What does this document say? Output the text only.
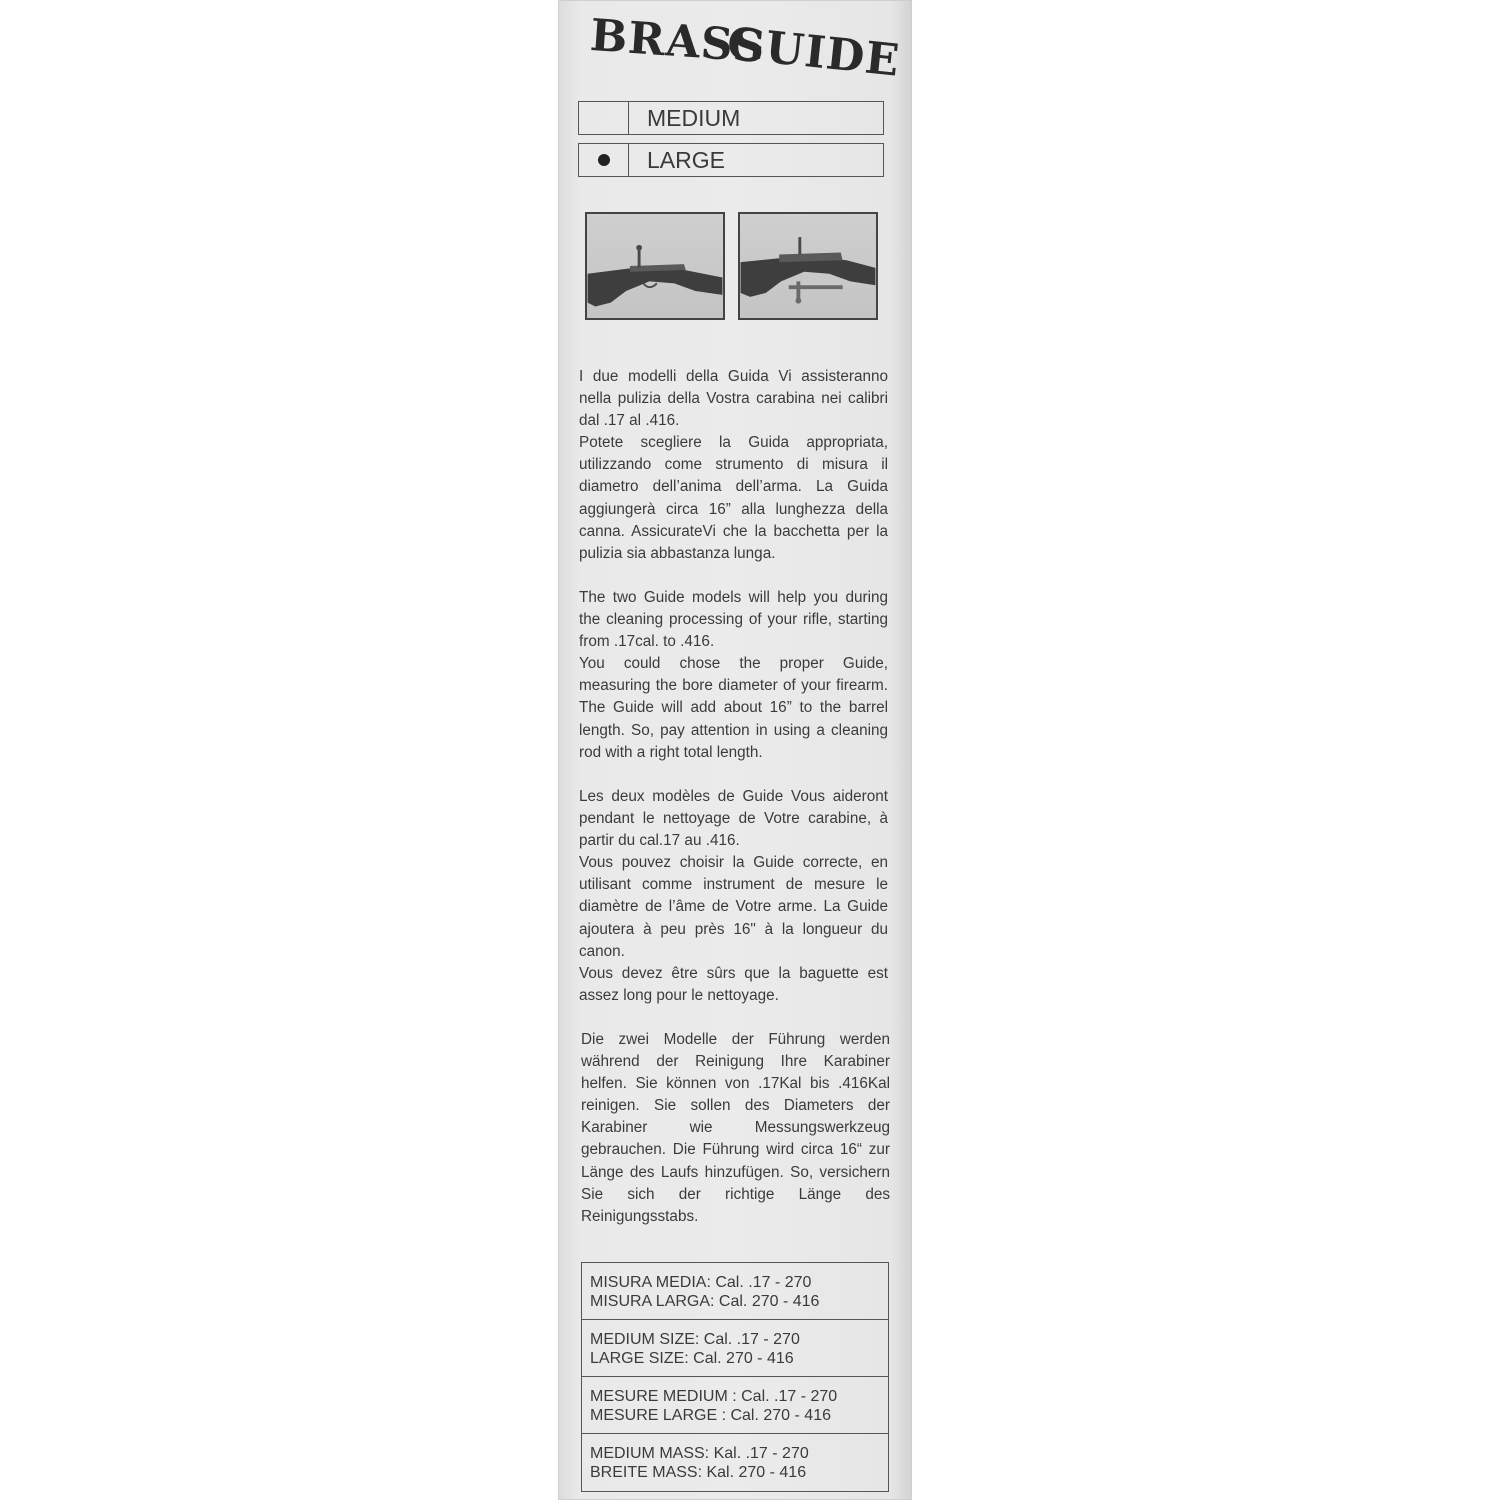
BRASS
GUIDE
MEDIUM
LARGE

I due modelli della Guida Vi assisteranno nella pulizia della Vostra carabina nei calibri dal .17 al .416.

Potete scegliere la Guida appropriata, utilizzando come strumento di misura il diametro dell’anima dell’arma. La Guida aggiungerà circa 16” alla lunghezza della canna. AssicurateVi che la bacchetta per la pulizia sia abbastanza lunga.

The two Guide models will help you during the cleaning processing of your rifle, starting from .17cal. to .416.

You could chose the proper Guide, measuring the bore diameter of your firearm. The Guide will add about 16” to the barrel length. So, pay attention in using a cleaning rod with a right total length.

Les deux modèles de Guide Vous aideront pendant le nettoyage de Votre carabine, à partir du cal.17 au .416.

Vous pouvez choisir la Guide correcte, en utilisant comme instrument de mesure le diamètre de l’âme de Votre arme. La Guide ajoutera à peu près 16" à la longueur du canon.

Vous devez être sûrs que la baguette est assez long pour le nettoyage.

Die zwei Modelle der Führung werden während der Reinigung Ihre Karabiner helfen. Sie können von .17Kal bis .416Kal reinigen. Sie sollen des Diameters der Karabiner wie Messungswerkzeug gebrauchen. Die Führung wird circa 16“ zur Länge des Laufs hinzufügen. So, versichern Sie sich der richtige Länge des Reinigungsstabs.

MISURA MEDIA: Cal. .17 - 270
MISURA LARGA: Cal. 270 - 416
MEDIUM SIZE: Cal. .17 - 270
LARGE SIZE: Cal. 270 - 416
MESURE MEDIUM : Cal. .17 - 270
MESURE LARGE : Cal. 270 - 416
MEDIUM MASS: Kal. .17 - 270
BREITE MASS: Kal. 270 - 416
